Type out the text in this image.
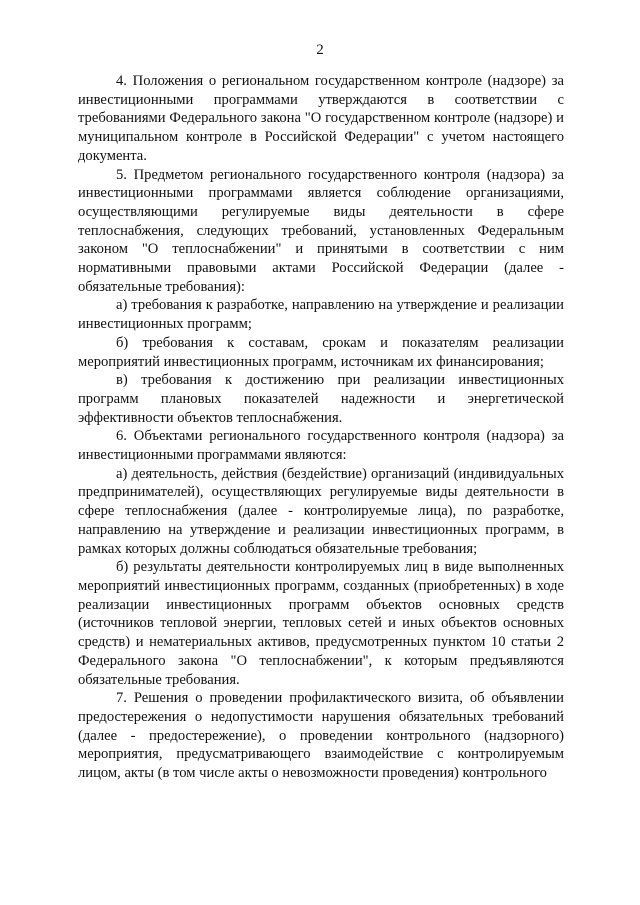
2

4. Положения о региональном государственном контроле (надзоре) за инвестиционными программами утверждаются в соответствии с требованиями Федерального закона "О государственном контроле (надзоре) и муниципальном контроле в Российской Федерации" с учетом настоящего документа.

5. Предметом регионального государственного контроля (надзора) за инвестиционными программами является соблюдение организациями, осуществляющими регулируемые виды деятельности в сфере теплоснабжения, следующих требований, установленных Федеральным законом "О теплоснабжении" и принятыми в соответствии с ним нормативными правовыми актами Российской Федерации (далее - обязательные требования):

а) требования к разработке, направлению на утверждение и реализации инвестиционных программ;

б) требования к составам, срокам и показателям реализации мероприятий инвестиционных программ, источникам их финансирования;

в) требования к достижению при реализации инвестиционных программ плановых показателей надежности и энергетической эффективности объектов теплоснабжения.

6. Объектами регионального государственного контроля (надзора) за инвестиционными программами являются:

а) деятельность, действия (бездействие) организаций (индивидуальных предпринимателей), осуществляющих регулируемые виды деятельности в сфере теплоснабжения (далее - контролируемые лица), по разработке, направлению на утверждение и реализации инвестиционных программ, в рамках которых должны соблюдаться обязательные требования;

б) результаты деятельности контролируемых лиц в виде выполненных мероприятий инвестиционных программ, созданных (приобретенных) в ходе реализации инвестиционных программ объектов основных средств (источников тепловой энергии, тепловых сетей и иных объектов основных средств) и нематериальных активов, предусмотренных пунктом 10 статьи 2 Федерального закона "О теплоснабжении", к которым предъявляются обязательные требования.

7. Решения о проведении профилактического визита, об объявлении предостережения о недопустимости нарушения обязательных требований (далее - предостережение), о проведении контрольного (надзорного) мероприятия, предусматривающего взаимодействие с контролируемым лицом, акты (в том числе акты о невозможности проведения) контрольного
